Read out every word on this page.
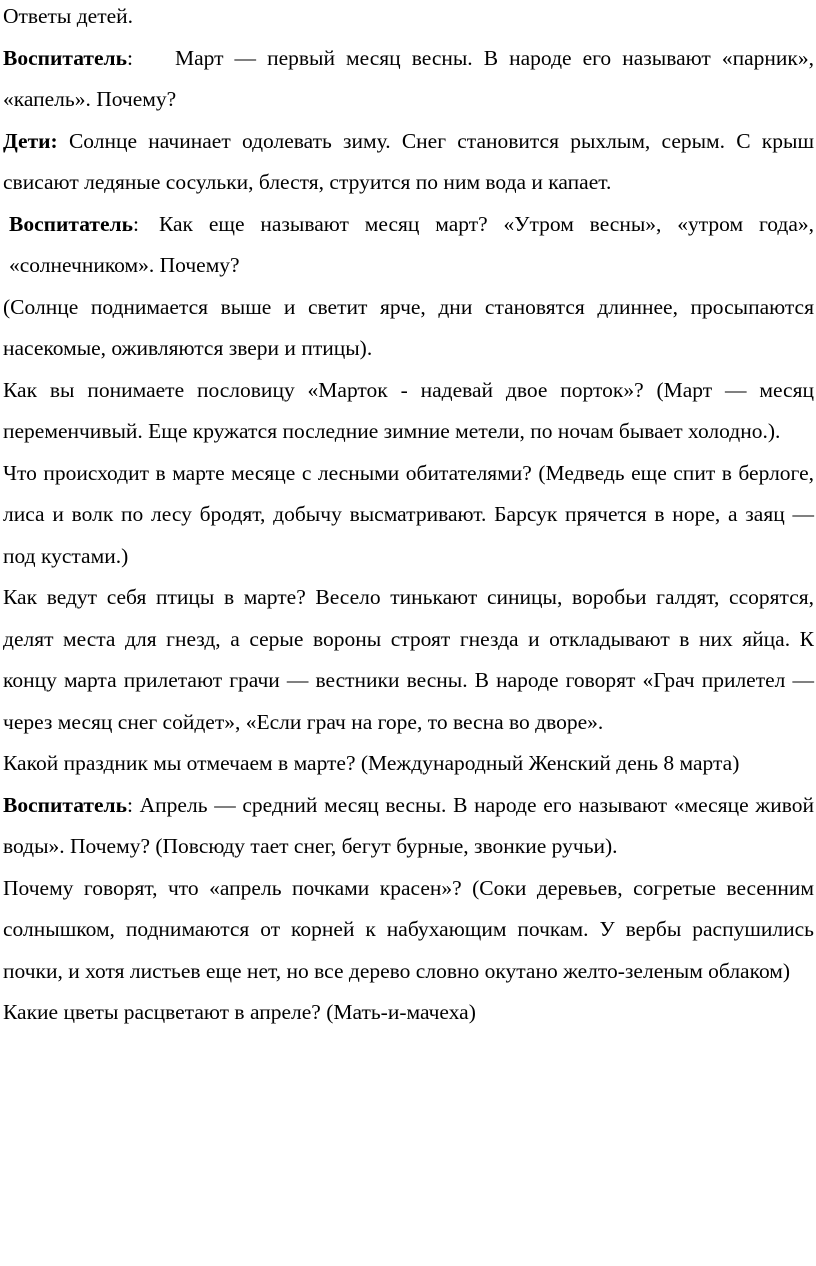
Ответы детей.

Воспитатель: Март — первый месяц весны. В народе его называют «парник», «капель». Почему?

Дети: Солнце начинает одолевать зиму. Снег становится рыхлым, серым. С крыш свисают ледяные сосульки, блестя, струится по ним вода и капает.

Воспитатель: Как еще называют месяц март? «Утром весны», «утром года», «солнечником». Почему?

(Солнце поднимается выше и светит ярче, дни становятся длиннее, просыпаются насекомые, оживляются звери и птицы).

Как вы понимаете пословицу «Марток - надевай двое порток»? (Март — месяц переменчивый. Еще кружатся последние зимние метели, по ночам бывает холодно.).

Что происходит в марте месяце с лесными обитателями? (Медведь еще спит в берлоге, лиса и волк по лесу бродят, добычу высматривают. Барсук прячется в норе, а заяц — под кустами.)

Как ведут себя птицы в марте? Весело тинькают синицы, воробьи галдят, ссорятся, делят места для гнезд, а серые вороны строят гнезда и откладывают в них яйца. К концу марта прилетают грачи — вестники весны. В народе говорят «Грач прилетел — через месяц снег сойдет», «Если грач на горе, то весна во дворе».

Какой праздник мы отмечаем в марте? (Международный Женский день 8 марта)

Воспитатель: Апрель — средний месяц весны. В народе его называют «месяце живой воды». Почему? (Повсюду тает снег, бегут бурные, звонкие ручьи).

Почему говорят, что «апрель почками красен»? (Соки деревьев, согретые весенним солнышком, поднимаются от корней к набухающим почкам. У вербы распушились почки, и хотя листьев еще нет, но все дерево словно окутано желто-зеленым облаком)

Какие цветы расцветают в апреле? (Мать-и-мачеха)
